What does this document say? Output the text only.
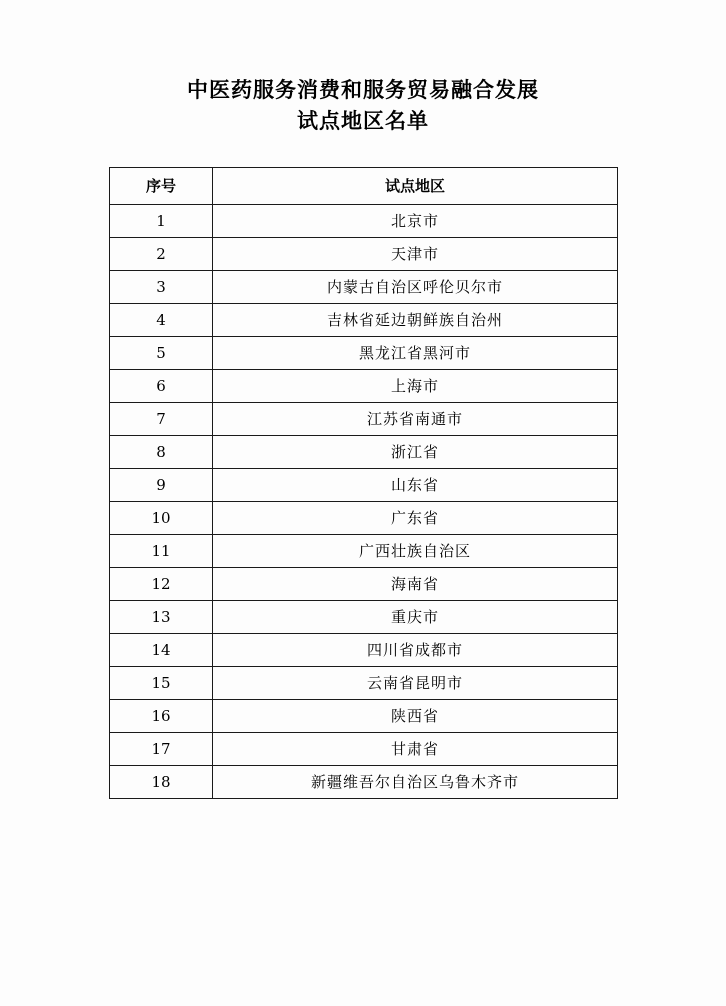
中医药服务消费和服务贸易融合发展
试点地区名单
序号	试点地区
1	北京市
2	天津市
3	内蒙古自治区呼伦贝尔市
4	吉林省延边朝鲜族自治州
5	黑龙江省黑河市
6	上海市
7	江苏省南通市
8	浙江省
9	山东省
10	广东省
11	广西壮族自治区
12	海南省
13	重庆市
14	四川省成都市
15	云南省昆明市
16	陕西省
17	甘肃省
18	新疆维吾尔自治区乌鲁木齐市
